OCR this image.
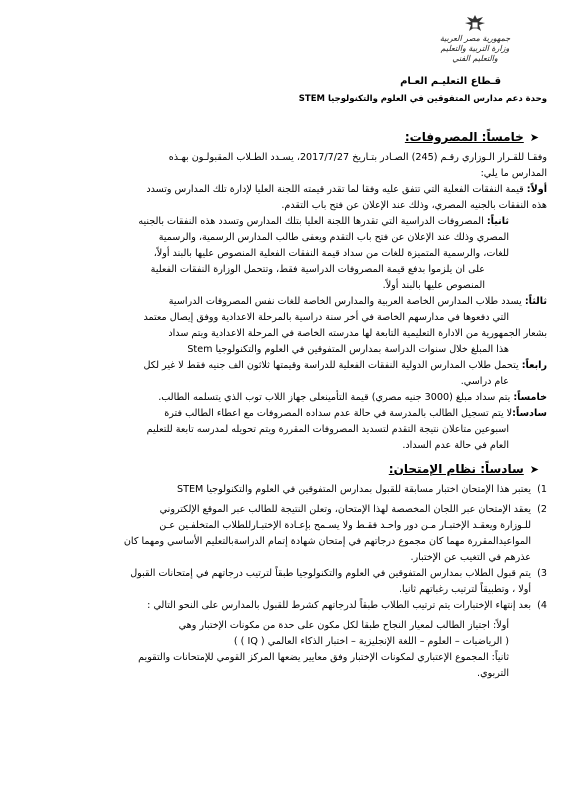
جمهورية مصر العربية
وزارة التربية والتعليم
والتعليم الفني
قـطاع التعليـم العـام
وحدة دعم مدارس المتفوقين في العلوم والتكنولوجيا STEM
➤
خامساً: المصروفات:

وفقـا للقـرار الـوزاري رقـم (245) الصـادر بتـاريخ 2017/7/27، يسـدد الطـلاب المقبولـون بهـذه

المدارس ما يلي:

أولاً: قيمة النفقات الفعلية التي تتفق عليه وفقا لما تقدر قيمته اللجنة العليا لإدارة تلك المدارس وتسدد

هذه النفقات بالجنيه المصري، وذلك عند الإعلان عن فتح باب التقدم.

ثانياً: المصروفات الدراسية التي تقدرها اللجنة العليا بتلك المدارس وتسدد هذه النفقات بالجنيه

المصري وذلك عند الإعلان عن فتح باب التقدم ويعفى طالب المدارس الرسمية، والرسمية

للغات، والرسمية المتميزة للغات من سداد قيمة النفقات الفعلية المنصوص عليها بالبند أولاً،

على ان يلزموا بدفع قيمة المصروفات الدراسية فقط، وتتحمل الوزارة النفقات الفعلية

المنصوص عليها بالبند أولاً.

ثالثاً: يسدد طلاب المدارس الخاصة العربية والمدارس الخاصة للغات نفس المصروفات الدراسية

التي دفعوها في مدارسهم الخاصة في أخر سنة دراسية بالمرحلة الاعدادية ووفق إيصال معتمد

بشعار الجمهورية من الادارة التعليمية التابعة لها مدرسته الخاصة في المرحلة الاعدادية ويتم سداد

هذا المبلغ خلال سنوات الدراسة بمدارس المتفوقين في العلوم والتكنولوجيا Stem

رابعاً: يتحمل طلاب المدارس الدولية النفقات الفعلية للدراسة وقيمتها ثلاثون الف جنيه فقط لا غير لكل

عام دراسي.

خامساً: يتم سداد مبلغ (3000 جنيه مصري) قيمة التأمينعلى جهاز اللاب توب الذي يتسلمه الطالب.

سادساً:لا يتم تسجيل الطالب بالمدرسة في حالة عدم سداده المصروفات مع اعطاء الطالب فترة

اسبوعين متاعلان نتيجة التقدم لتسديد المصروفات المقررة ويتم تحويله لمدرسه تابعة للتعليم

العام في حالة عدم السداد.

➤
سادساً: نظام الإمتحان:
1)
يعتبر هذا الإمتحان اختبار مسابقة للقبول بمدارس المتفوقين في العلوم والتكنولوجيا STEM
2)
يعقد الإمتحان عبر اللجان المخصصة لهذا الإمتحان، وتعلن النتيجة للطالب عبر الموقع الإلكتروني

للـوزارة ويعقـد الإختبـار مـن دور واحـد فقـط ولا يسـمح بإعـادة الإختبـارللطلاب المتخلفـين عـن

المواعيدالمقررة مهما كان مجموع درجاتهم في إمتحان شهادة إتمام الدراسةبالتعليم الأساسي ومهما كان

عذرهم في التغيب عن الإختبار.

3)
يتم قبول الطلاب بمدارس المتفوقين في العلوم والتكنولوجيا طبقاً لترتيب درجاتهم في إمتحانات القبول

أولا ، وتطبيقاً لترتيب رغباتهم ثانيا.

4)
بعد إنتهاء الإختبارات يتم ترتيب الطلاب طبقاً لدرجاتهم كشرط للقبول بالمدارس على النحو التالي :

أولاً: اجتياز الطالب لمعيار النجاح طبقا لكل مكون على حدة من مكونات الإختبار وهي

( الرياضيات – العلوم – اللغة الإنجليزية – اختبار الذكاء العالمي ( IQ ) )

ثانياً: المجموع الإعتباري لمكونات الإختبار وفق معايير يضعها المركز القومي للإمتحانات والتقويم

التربوي.
